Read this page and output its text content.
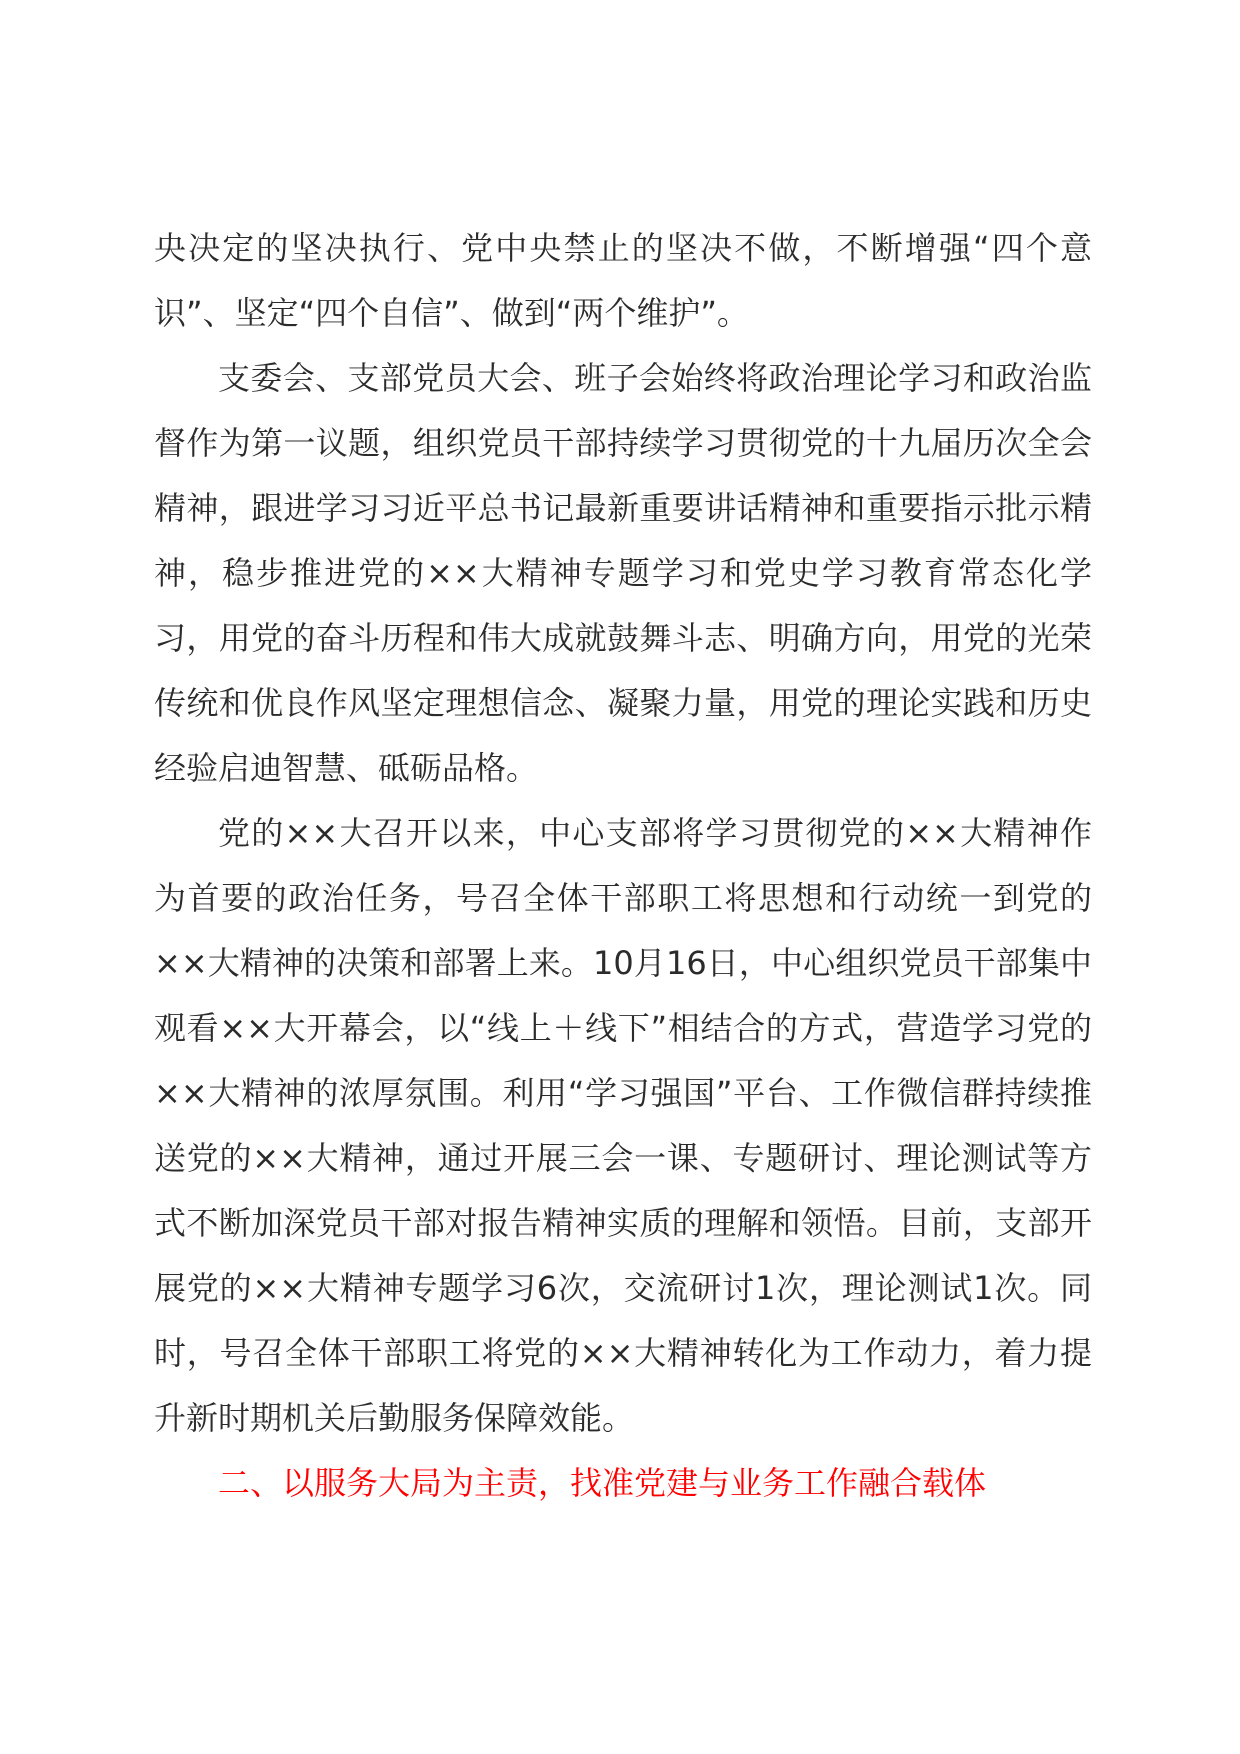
央决定的坚决执行、党中央禁止的坚决不做，不断增强“四个意识”、坚定“四个自信”、做到“两个维护”。

支委会、支部党员大会、班子会始终将政治理论学习和政治监督作为第一议题，组织党员干部持续学习贯彻党的十九届历次全会精神，跟进学习习近平总书记最新重要讲话精神和重要指示批示精神，稳步推进党的××大精神专题学习和党史学习教育常态化学习，用党的奋斗历程和伟大成就鼓舞斗志、明确方向，用党的光荣传统和优良作风坚定理想信念、凝聚力量，用党的理论实践和历史经验启迪智慧、砥砺品格。

党的××大召开以来，中心支部将学习贯彻党的××大精神作为首要的政治任务，号召全体干部职工将思想和行动统一到党的××大精神的决策和部署上来。10月16日，中心组织党员干部集中观看××大开幕会，以“线上＋线下”相结合的方式，营造学习党的××大精神的浓厚氛围。利用“学习强国”平台、工作微信群持续推送党的××大精神，通过开展三会一课、专题研讨、理论测试等方式不断加深党员干部对报告精神实质的理解和领悟。目前，支部开展党的××大精神专题学习6次，交流研讨1次，理论测试1次。同时，号召全体干部职工将党的××大精神转化为工作动力，着力提升新时期机关后勤服务保障效能。

二、以服务大局为主责，找准党建与业务工作融合载体
